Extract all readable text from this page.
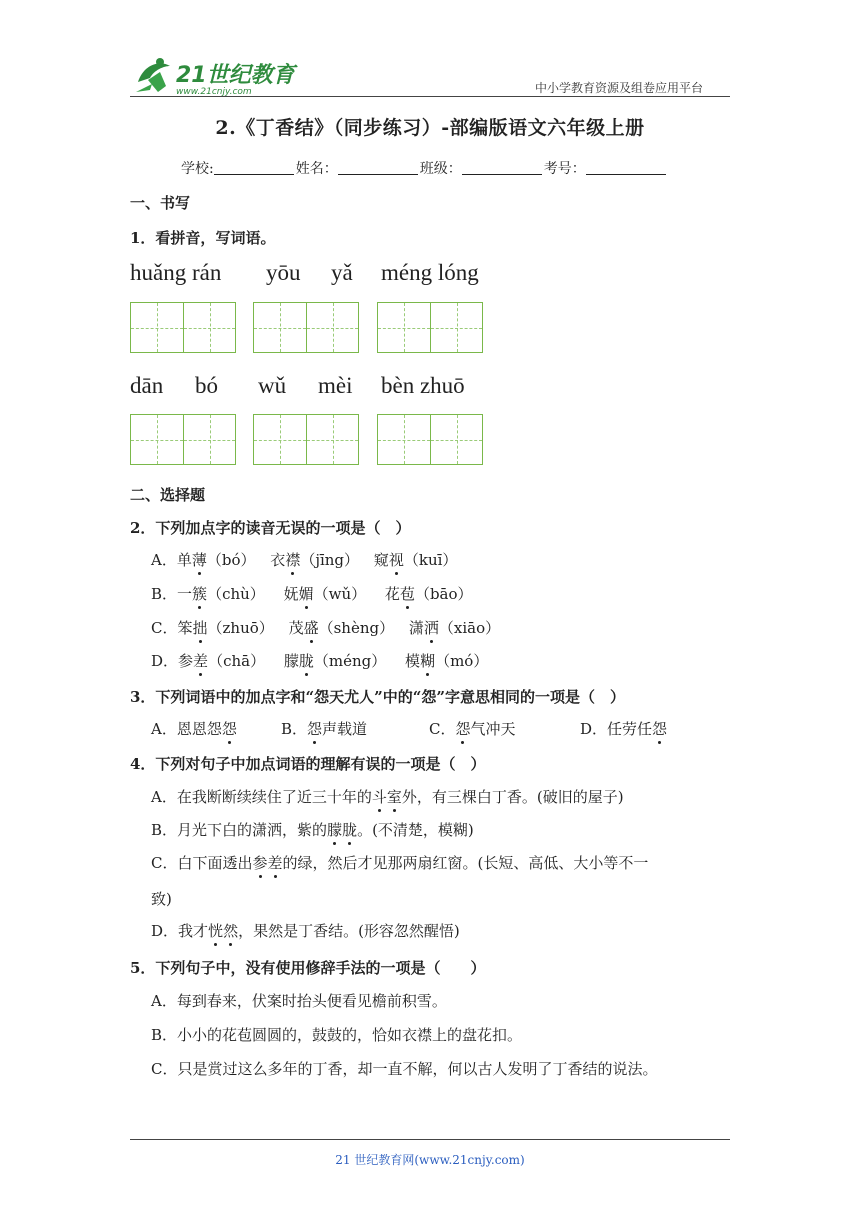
21世纪教育
www.21cnjy.com	中小学教育资源及组卷应用平台
2.《丁香结》（同步练习）-部编版语文六年级上册
学校:	姓名：	班级：	考号：
一、书写
1．看拼音，写词语。
huǎng rán yōu yǎ méng lóng
dān bó wǔ mèi bèn zhuō
二、选择题
2．下列加点字的读音无误的一项是（　）
A．单薄（bó） 衣襟（jīng） 窥视（kuī）
B．一簇（chù） 妩媚（wǔ） 花苞（bāo）
C．笨拙（zhuō） 茂盛（shèng） 潇洒（xiāo）
D．参差（chā） 朦胧（méng） 模糊（mó）
3．下列词语中的加点字和“怨天尤人”中的“怨”字意思相同的一项是（　）
A．恩恩怨怨	B．怨声载道	C．怨气冲天	D．任劳任怨
4．下列对句子中加点词语的理解有误的一项是（　）
A．在我断断续续住了近三十年的斗室外，有三棵白丁香。(破旧的屋子)
B．月光下白的潇洒，紫的朦胧。(不清楚，模糊)
C．白下面透出参差的绿，然后才见那两扇红窗。(长短、高低、大小等不一
致)
D．我才恍然，果然是丁香结。(形容忽然醒悟)
5．下列句子中，没有使用修辞手法的一项是（　　）
A．每到春来，伏案时抬头便看见檐前积雪。
B．小小的花苞圆圆的，鼓鼓的，恰如衣襟上的盘花扣。
C．只是赏过这么多年的丁香，却一直不解，何以古人发明了丁香结的说法。
21 世纪教育网(www.21cnjy.com)
